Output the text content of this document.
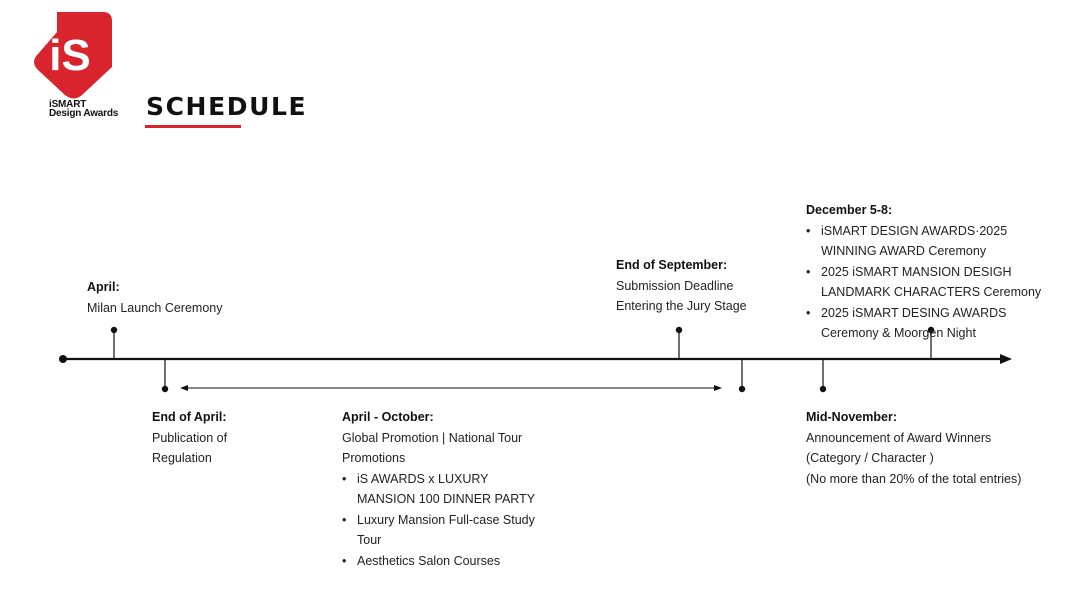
iS
iSMART
Design Awards SCHEDULE
April:
Milan Launch Ceremony
End of April:
Publication of
Regulation
April - October:
Global Promotion | National Tour
Promotions
• iS AWARDS x LUXURY MANSION 100 DINNER PARTY
• Luxury Mansion Full-case Study Tour
• Aesthetics Salon Courses
End of September:
Submission Deadline
Entering the Jury Stage
December 5-8:
• iSMART DESIGN AWARDS·2025 WINNING AWARD Ceremony
• 2025 iSMART MANSION DESIGH LANDMARK CHARACTERS Ceremony
• 2025 iSMART DESING AWARDS Ceremony & Moorgen Night
Mid-November:
Announcement of Award Winners
(Category / Character )
(No more than 20% of the total entries)
